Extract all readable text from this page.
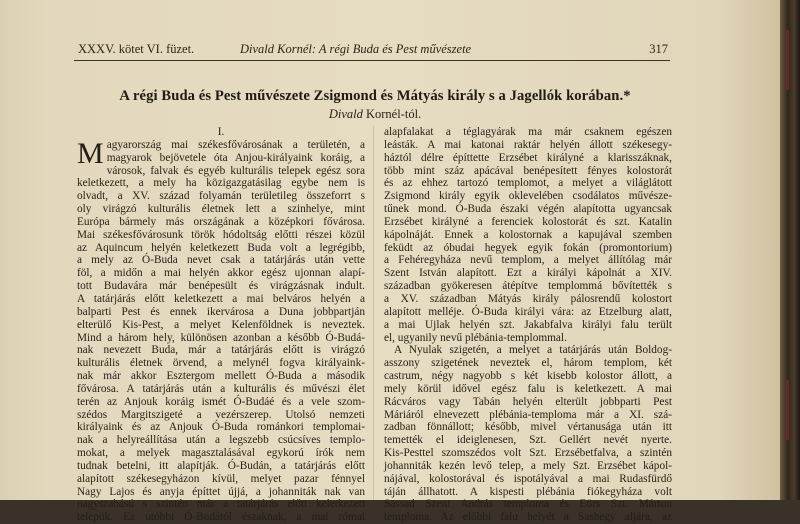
XXXV. kötet VI. füzet.	Divald Kornél: A régi Buda és Pest művészete	317
A régi Buda és Pest művészete Zsigmond és Mátyás király s a Jagellók korában.*
Divald Kornél-tól.
I.
M agyarország mai székesfővárosának a területén, a
magyarok bejövetele óta Anjou-királyaink koráig, a
városok, falvak és egyéb kulturális telepek egész sora
keletkezett, a mely ha közigazgatásilag egybe nem is
olvadt, a XV. század folyamán területileg összeforrt s
oly virágzó kulturális életnek lett a szinhelye, mint
Európa bármely más országának a középkori fővárosa.
Mai székesfővárosunk török hódoltság előtti részei közül
az Aquincum helyén keletkezett Buda volt a legrégibb,
a mely az Ó-Buda nevet csak a tatárjárás után vette
föl, a midőn a mai helyén akkor egész ujonnan alapí-
tott Budavára már benépesült és virágzásnak indult.
A tatárjárás előtt keletkezett a mai belváros helyén a
balparti Pest és ennek ikervárosa a Duna jobbpartján
elterülő Kis-Pest, a melyet Kelenföldnek is neveztek.
Mind a három hely, különösen azonban a később Ó-Budá-
nak nevezett Buda, már a tatárjárás előtt is virágzó
kulturális életnek örvend, a melynél fogva királyaink-
nak már akkor Esztergom mellett Ó-Buda a második
fővárosa. A tatárjárás után a kulturális és művészi élet
terén az Anjouk koráig ismét Ó-Budáé és a vele szom-
szédos Margitszigeté a vezérszerep. Utolsó nemzeti
királyaink és az Anjouk Ó-Buda románkori templomai-
nak a helyreállítása után a legszebb csúcsíves templo-
mokat, a melyek magasztalásával egykorú írók nem
tudnak betelni, itt alapítják. Ó-Budán, a tatárjárás előtt
alapított székesegyházon kívül, melyet pazar fénnyel
Nagy Lajos és anyja építtet újjá, a johanniták nak van
nagyszabású s szintén már a tatárjárás előtt keletkezett
telepük. Ez utóbbi Ó-Budától északnak, a mai római
alapfalakat a téglagyárak ma már csaknem egészen
leásták. A mai katonai raktár helyén állott székesegy-
háztól délre építtette Erzsébet királyné a klarisszáknak,
több mint száz apácával benépesített fényes kolostorát
és az ehhez tartozó templomot, a melyet a világlátott
Zsigmond király egyik oklevelében csodálatos művésze-
tűnek mond. Ó-Buda északi végén alapította ugyancsak
Erzsébet királyné a ferenciek kolostorát és szt. Katalin
kápolnáját. Ennek a kolostornak a kapujával szemben
feküdt az óbudai hegyek egyik fokán (promontorium)
a Fehéregyháza nevű templom, a melyet állítólag már
Szent István alapított. Ezt a királyi kápolnát a XIV.
században gyökeresen átépítve templommá bővítették s
a XV. században Mátyás király pálosrendű kolostort
alapított melléje. Ó-Buda királyi vára: az Etzelburg alatt,
a mai Ujlak helyén szt. Jakabfalva királyi falu terült
el, ugyanily nevű plébánia-templommal.
A Nyulak szigetén, a melyet a tatárjárás után Boldog-
asszony szigetének neveztek el, három templom, két
castrum, négy nagyobb s két kisebb kolostor állott, a
mely körül idővel egész falu is keletkezett. A mai
Rácváros vagy Tabán helyén elterült jobbparti Pest
Máriáról elnevezett plébánia-temploma már a XI. szá-
zadban fönnállott; később, mivel vértanusága után itt
temették el ideiglenesen, Szt. Gellért nevét nyerte.
Kis-Pesttel szomszédos volt Szt. Erzsébetfalva, a szintén
johanniták kezén levő telep, a mely Szt. Erzsébet kápol-
nájával, kolostorával és ispotályával a mai Rudasfürdő
táján állhatott. A kispesti plébánia fiókegyháza volt
Sassad Szent András temploma és Eörs Szt. Márton
temploma. Az előbbi falu helyét a Sashegy aljára, az
